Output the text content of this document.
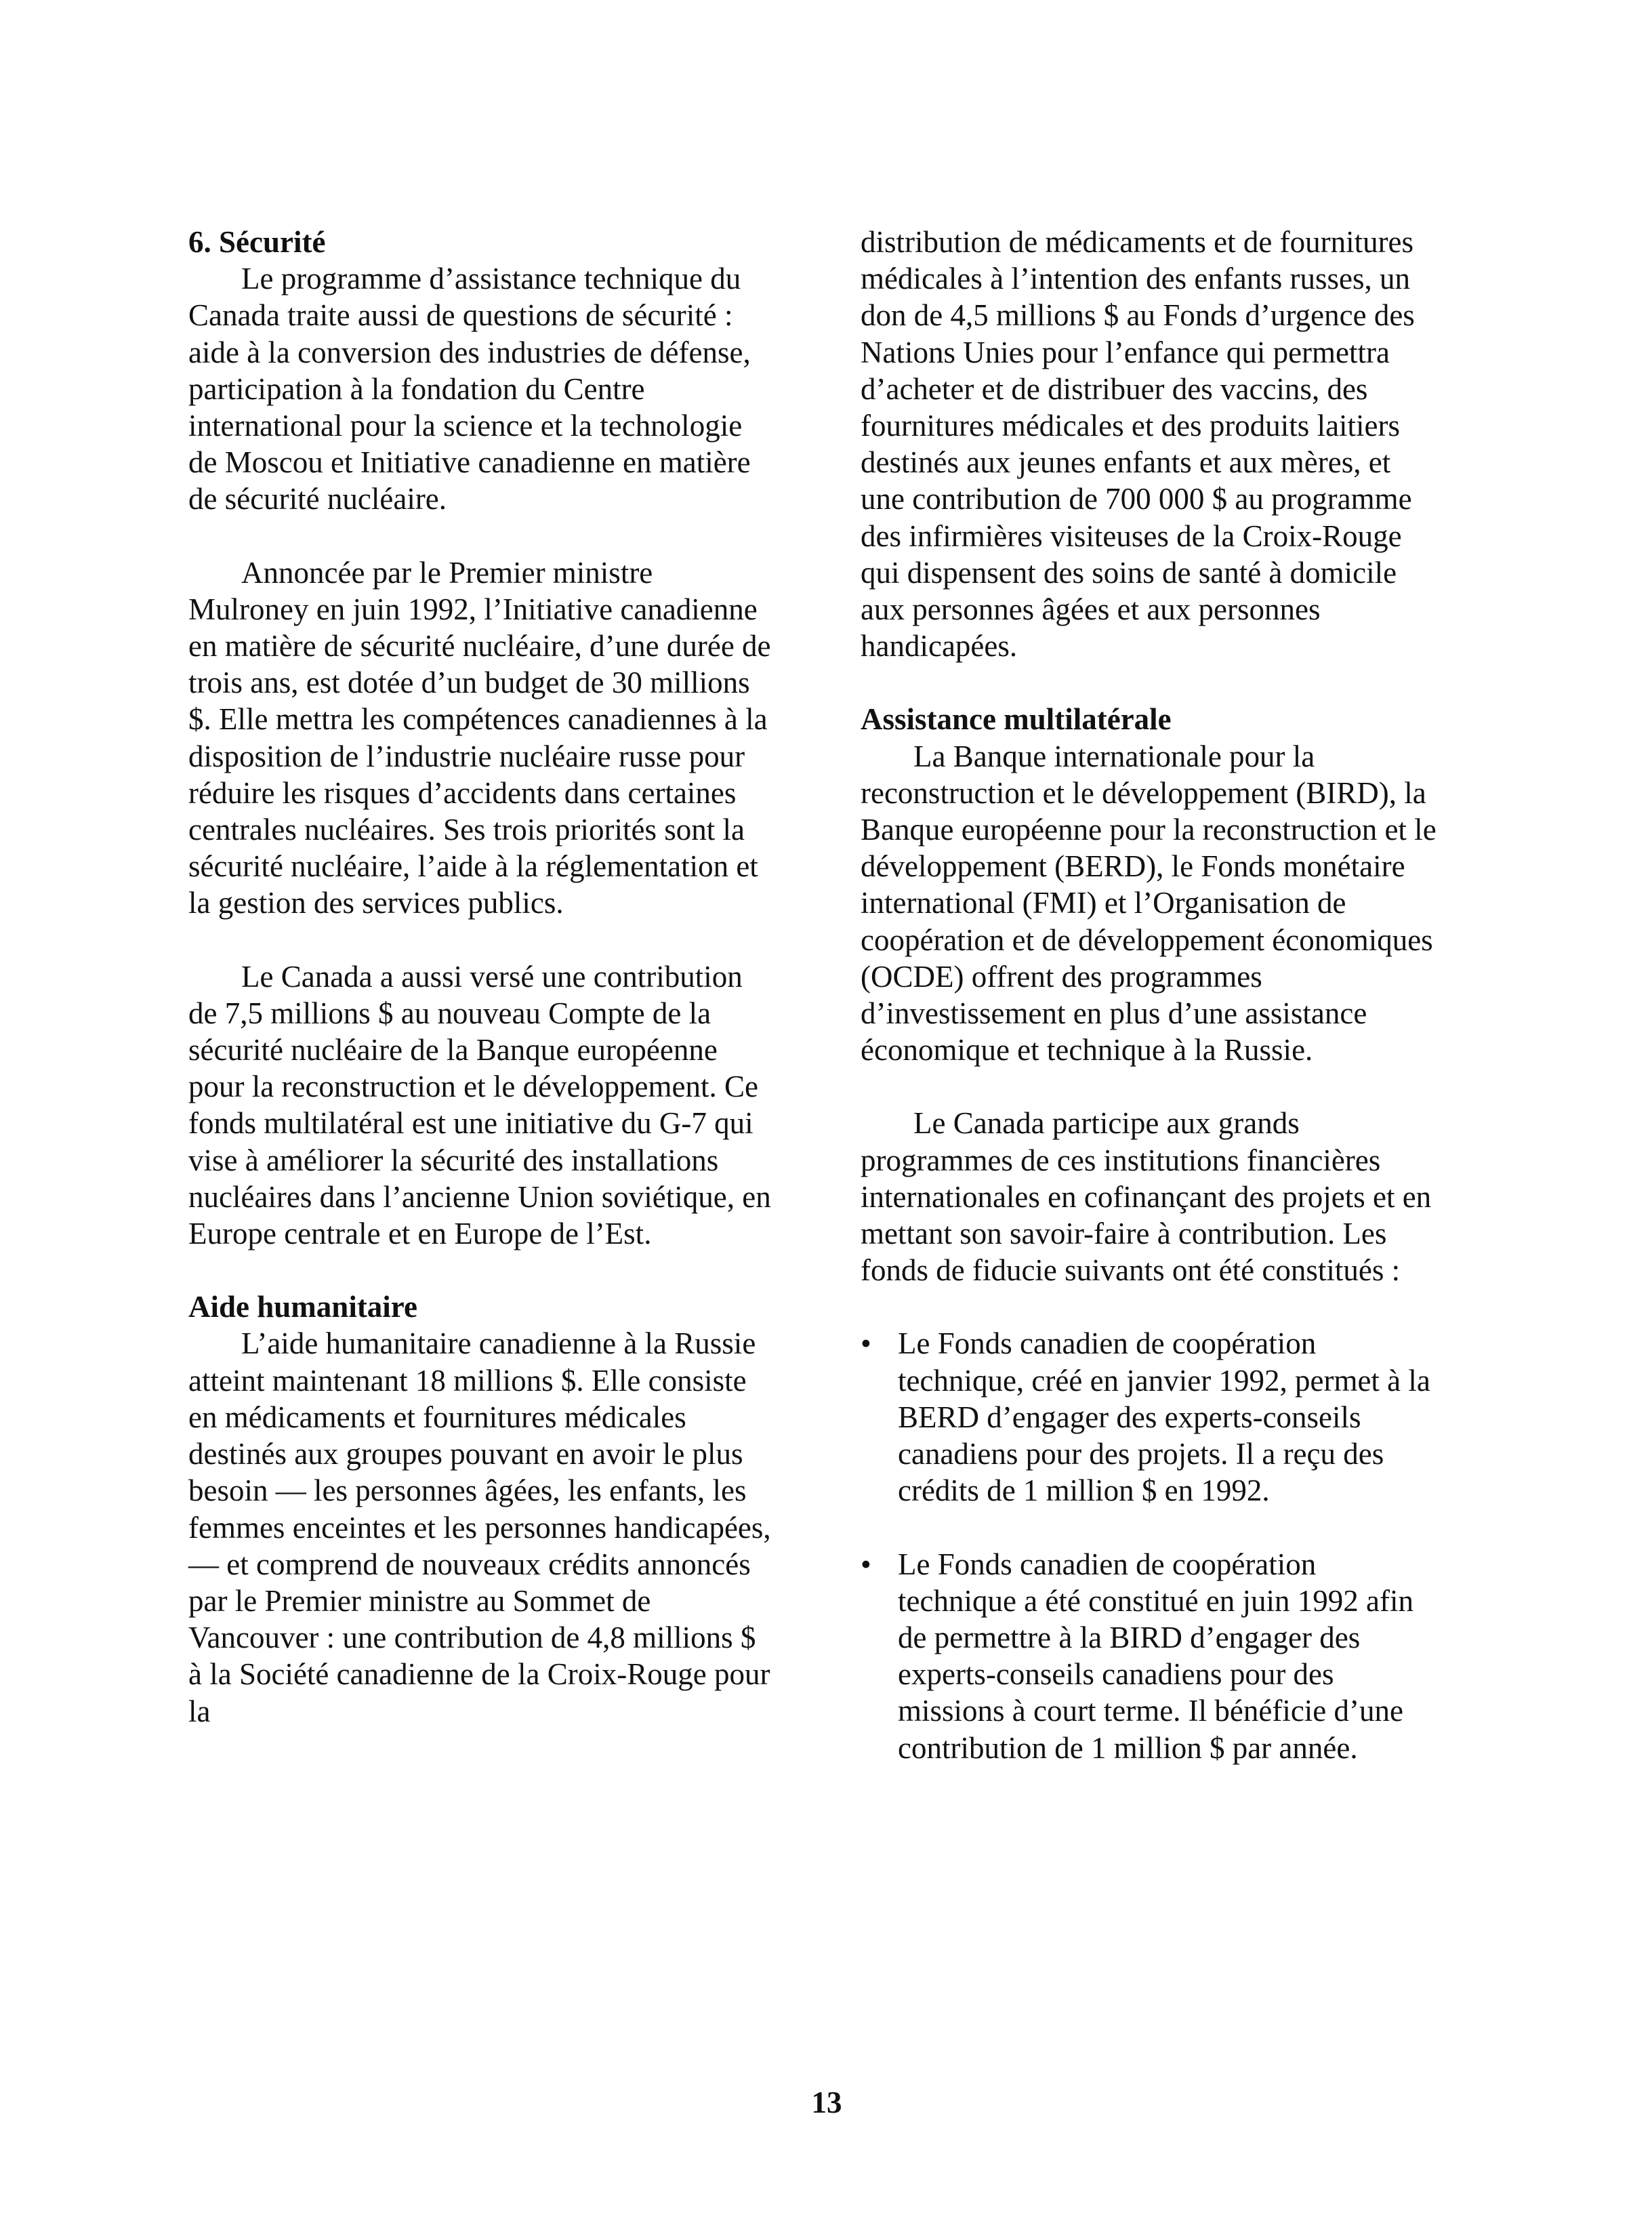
6. Sécurité

Le programme d’assistance technique du Canada traite aussi de questions de sécurité : aide à la conversion des industries de défense, participation à la fondation du Centre international pour la science et la technologie de Moscou et Initiative canadienne en matière de sécurité nucléaire.

Annoncée par le Premier ministre Mulroney en juin 1992, l’Initiative canadienne en matière de sécurité nucléaire, d’une durée de trois ans, est dotée d’un budget de 30 millions $. Elle mettra les compétences canadiennes à la disposition de l’industrie nucléaire russe pour réduire les risques d’accidents dans certaines centrales nucléaires. Ses trois priorités sont la sécurité nucléaire, l’aide à la réglementation et la gestion des services publics.

Le Canada a aussi versé une contribution de 7,5 millions $ au nouveau Compte de la sécurité nucléaire de la Banque européenne pour la reconstruction et le développement. Ce fonds multilatéral est une initiative du G-7 qui vise à améliorer la sécurité des installations nucléaires dans l’ancienne Union soviétique, en Europe centrale et en Europe de l’Est.

Aide humanitaire

L’aide humanitaire canadienne à la Russie atteint maintenant 18 millions $. Elle consiste en médicaments et fournitures médicales destinés aux groupes pouvant en avoir le plus besoin — les personnes âgées, les enfants, les femmes enceintes et les personnes handicapées, — et comprend de nouveaux crédits annoncés par le Premier ministre au Sommet de Vancouver : une contribution de 4,8 millions $ à la Société canadienne de la Croix-Rouge pour la

distribution de médicaments et de fournitures médicales à l’intention des enfants russes, un don de 4,5 millions $ au Fonds d’urgence des Nations Unies pour l’enfance qui permettra d’acheter et de distribuer des vaccins, des fournitures médicales et des produits laitiers destinés aux jeunes enfants et aux mères, et une contribution de 700 000 $ au programme des infirmières visiteuses de la Croix-Rouge qui dispensent des soins de santé à domicile aux personnes âgées et aux personnes handicapées.

Assistance multilatérale

La Banque internationale pour la reconstruction et le développement (BIRD), la Banque européenne pour la reconstruction et le développement (BERD), le Fonds monétaire international (FMI) et l’Organisation de coopération et de développement économiques (OCDE) offrent des programmes d’investissement en plus d’une assistance économique et technique à la Russie.

Le Canada participe aux grands programmes de ces institutions financières internationales en cofinançant des projets et en mettant son savoir-faire à contribution. Les fonds de fiducie suivants ont été constitués :

• Le Fonds canadien de coopération technique, créé en janvier 1992, permet à la BERD d’engager des experts-conseils canadiens pour des projets. Il a reçu des crédits de 1 million $ en 1992.
• Le Fonds canadien de coopération technique a été constitué en juin 1992 afin de permettre à la BIRD d’engager des experts-conseils canadiens pour des missions à court terme. Il bénéficie d’une contribution de 1 million $ par année.
13
